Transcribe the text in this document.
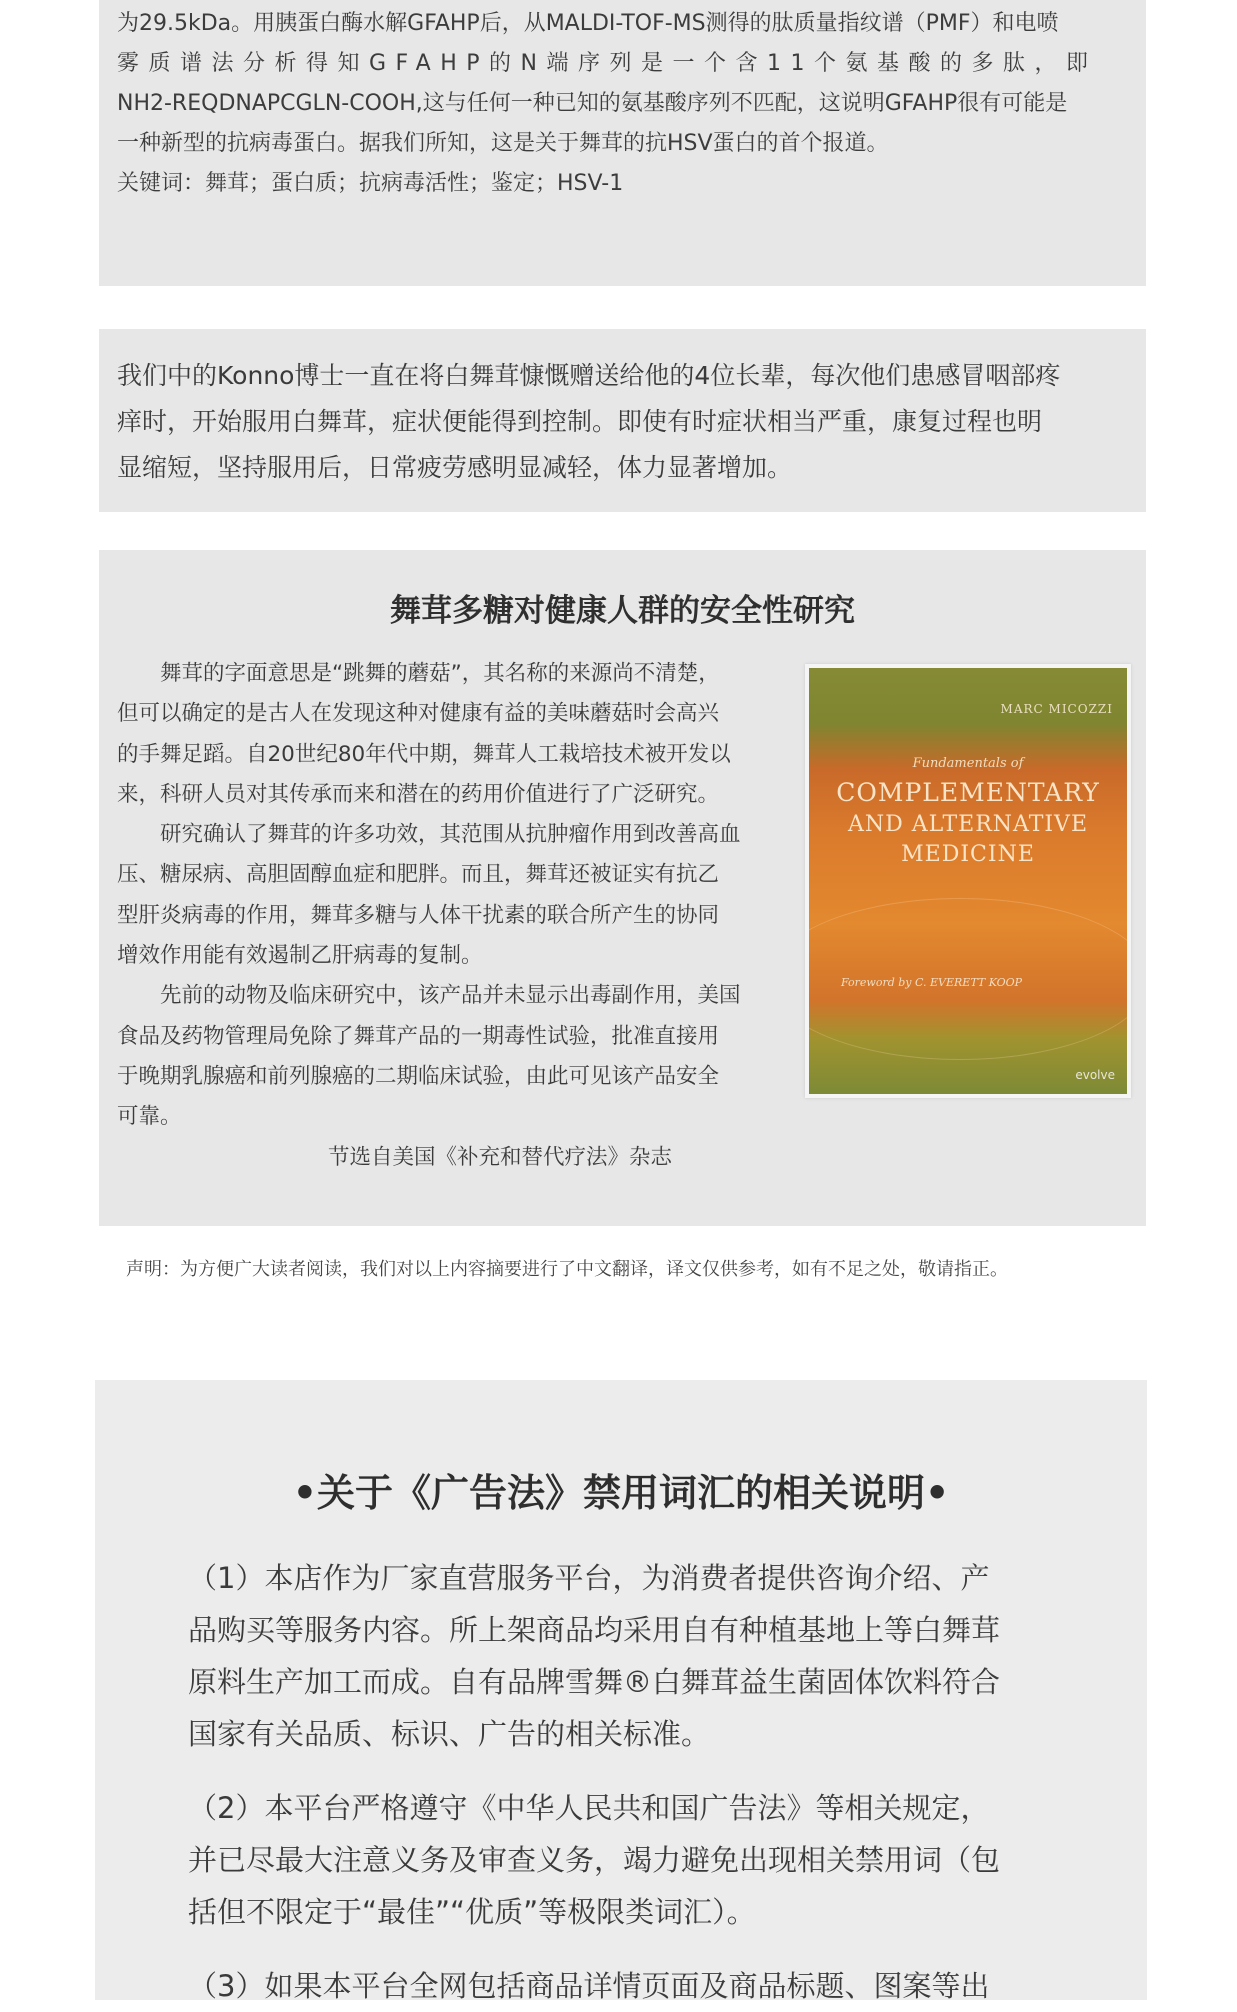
为29.5kDa。用胰蛋白酶水解GFAHP后，从MALDI-TOF-MS测得的肽质量指纹谱（PMF）和电喷
雾质谱法分析得知GFAHP的N端序列是一个含11个氨基酸的多肽，即
NH2-REQDNAPCGLN-COOH,这与任何一种已知的氨基酸序列不匹配，这说明GFAHP很有可能是
一种新型的抗病毒蛋白。据我们所知，这是关于舞茸的抗HSV蛋白的首个报道。
关键词：舞茸；蛋白质；抗病毒活性；鉴定；HSV-1

我们中的Konno博士一直在将白舞茸慷慨赠送给他的4位长辈，每次他们患感冒咽部疼
痒时，开始服用白舞茸，症状便能得到控制。即使有时症状相当严重，康复过程也明
显缩短，坚持服用后，日常疲劳感明显减轻，体力显著增加。

舞茸多糖对健康人群的安全性研究

　　舞茸的字面意思是“跳舞的蘑菇”，其名称的来源尚不清楚，
但可以确定的是古人在发现这种对健康有益的美味蘑菇时会高兴
的手舞足蹈。自20世纪80年代中期，舞茸人工栽培技术被开发以
来，科研人员对其传承而来和潜在的药用价值进行了广泛研究。
　　研究确认了舞茸的许多功效，其范围从抗肿瘤作用到改善高血
压、糖尿病、高胆固醇血症和肥胖。而且，舞茸还被证实有抗乙
型肝炎病毒的作用，舞茸多糖与人体干扰素的联合所产生的协同
增效作用能有效遏制乙肝病毒的复制。
　　先前的动物及临床研究中，该产品并未显示出毒副作用，美国
食品及药物管理局免除了舞茸产品的一期毒性试验，批准直接用
于晚期乳腺癌和前列腺癌的二期临床试验，由此可见该产品安全
可靠。

节选自美国《补充和替代疗法》杂志
MARC MICOZZI
Fundamentals of
COMPLEMENTARY
AND ALTERNATIVE
MEDICINE
Foreword by C. EVERETT KOOP
evolve

声明：为方便广大读者阅读，我们对以上内容摘要进行了中文翻译，译文仅供参考，如有不足之处，敬请指正。

•关于《广告法》禁用词汇的相关说明•

（1）本店作为厂家直营服务平台，为消费者提供咨询介绍、产
品购买等服务内容。所上架商品均采用自有种植基地上等白舞茸
原料生产加工而成。自有品牌雪舞®白舞茸益生菌固体饮料符合
国家有关品质、标识、广告的相关标准。

（2）本平台严格遵守《中华人民共和国广告法》等相关规定，
并已尽最大注意义务及审查义务，竭力避免出现相关禁用词（包
括但不限定于“最佳”“优质”等极限类词汇）。

（3）如果本平台全网包括商品详情页面及商品标题、图案等出
